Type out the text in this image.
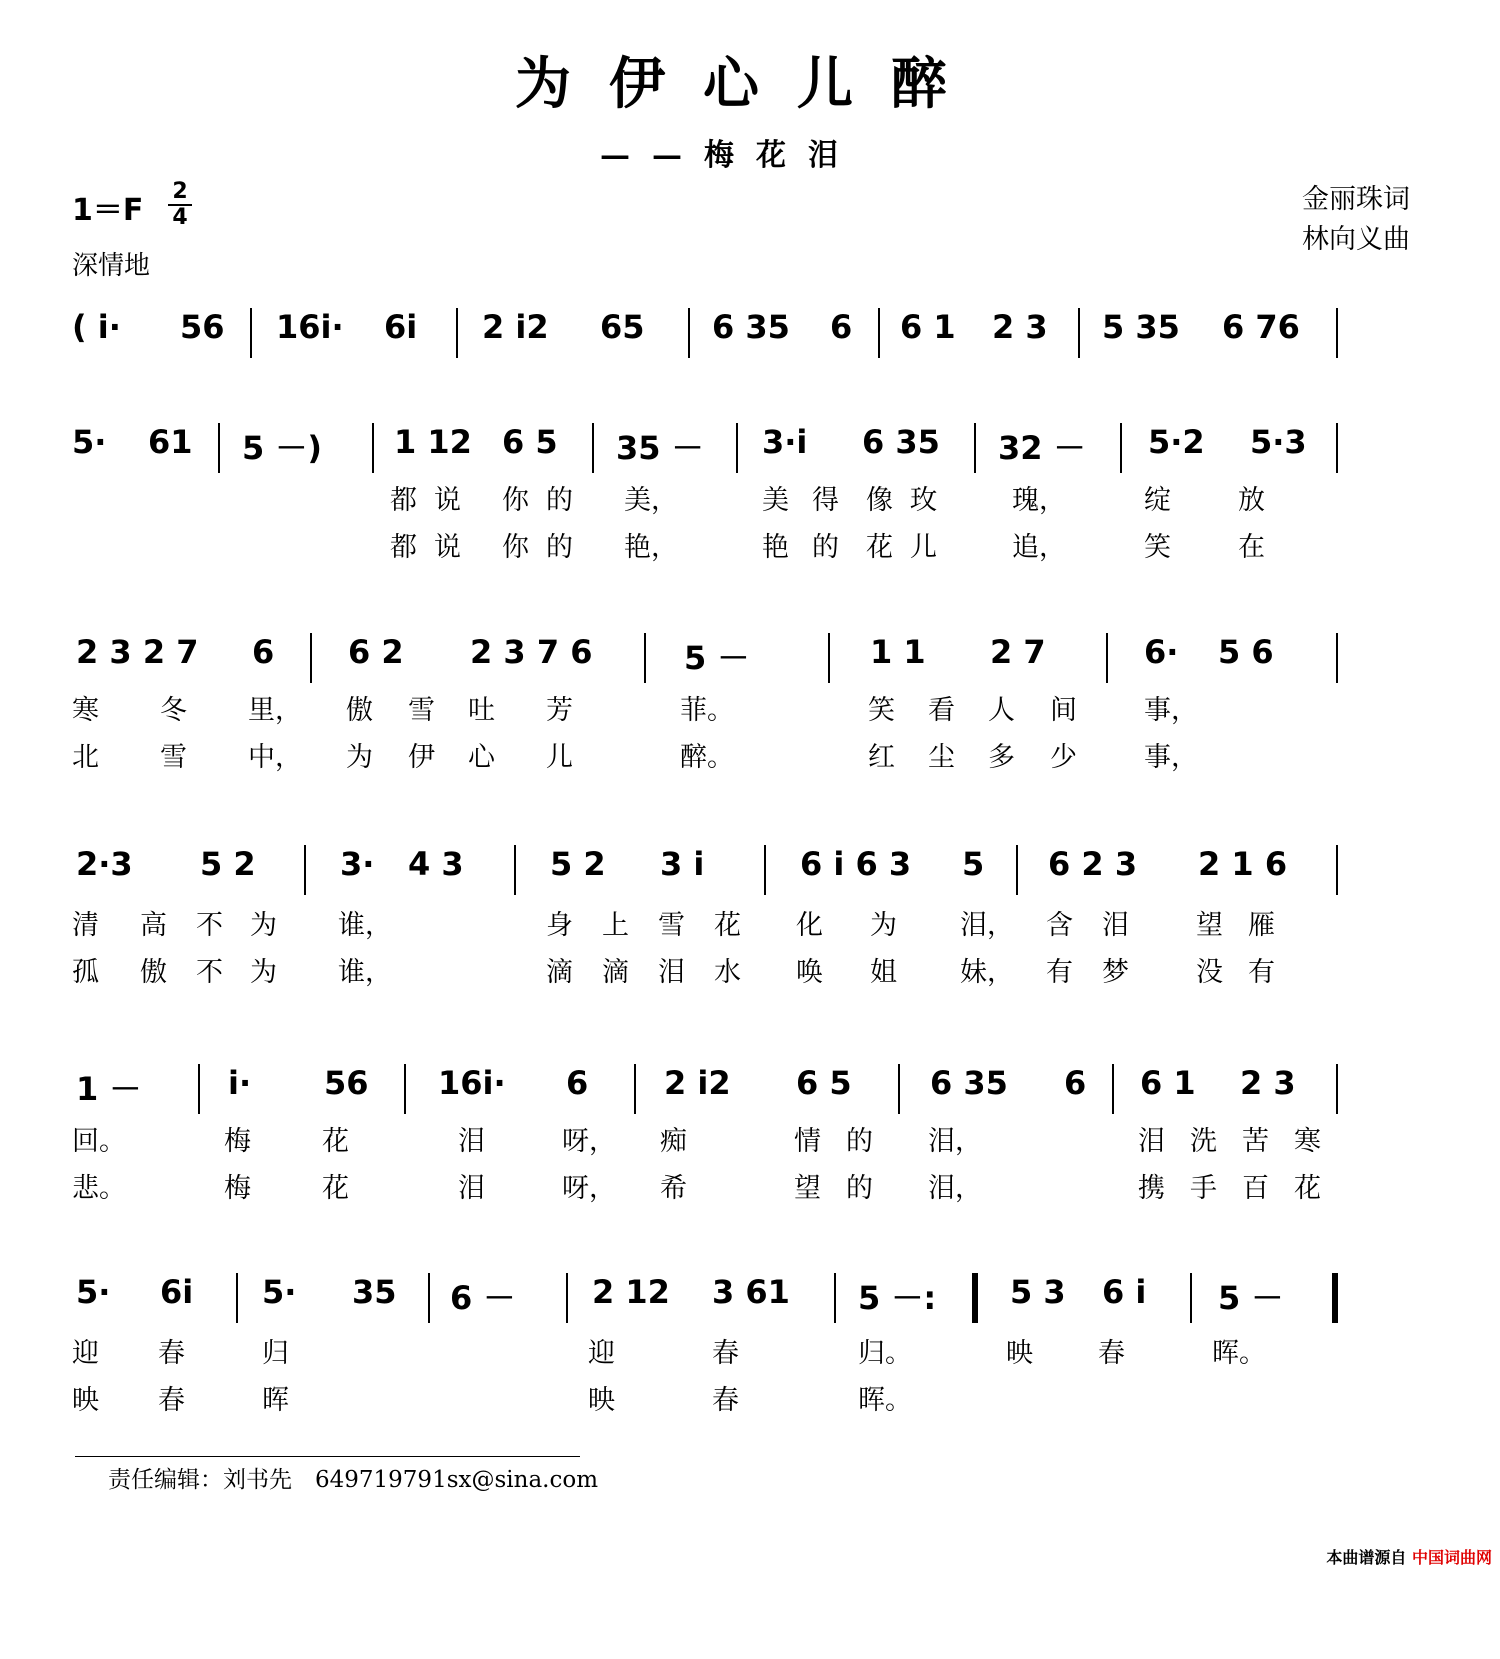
为伊心儿醉
——梅花泪
金丽珠词
林向义曲
1＝F
2
4
深情地
( i· 56 16i· 6i 2 i2 65 6 35 6 6 1 2 3 5 35 6 76
5· 61 5 －) 1 12 6 5 35 － 3·i 6 35 32 － 5·2 5·3
都 说 你 的 美，	美 得 像 玫	瑰，	绽 放
都 说 你 的 艳，	艳 的 花 儿	追，	笑 在
2 3 2 7 6 6 2 2 3 7 6	5 －	1 1 2 7	6· 5 6
寒 冬 里， 傲 雪 吐 芳	菲。	笑 看 人 间 事，
北 雪 中， 为 伊 心 儿	醉。	红 尘 多 少 事，
2·3 5 2	3· 4 3	5 2 3 i	6 i 6 3 5 6 2 3 2 1 6
清 高 不 为 谁，	身 上 雪 花 化 为 泪， 含 泪 望 雁
孤 傲 不 为 谁，	滴 滴 泪 水 唤 姐 妹， 有 梦 没 有
1 －	i· 56 16i· 6 2 i2 6 5 6 35 6 6 1 2 3
回。	梅	花	泪	呀， 痴	情 的 泪，	泪 洗 苦 寒
悲。	梅	花	泪	呀， 希	望 的 泪，	携 手 百 花
5· 6i 5· 35 6 － 2 12 3 61 5 －: 5 3 6 i 5 －
迎 春	归	迎	春	归。	映 春	晖。
映 春	晖	映	春	晖。
责任编辑：刘书先　649719791sx@sina.com
本曲谱源自 中国词曲网
